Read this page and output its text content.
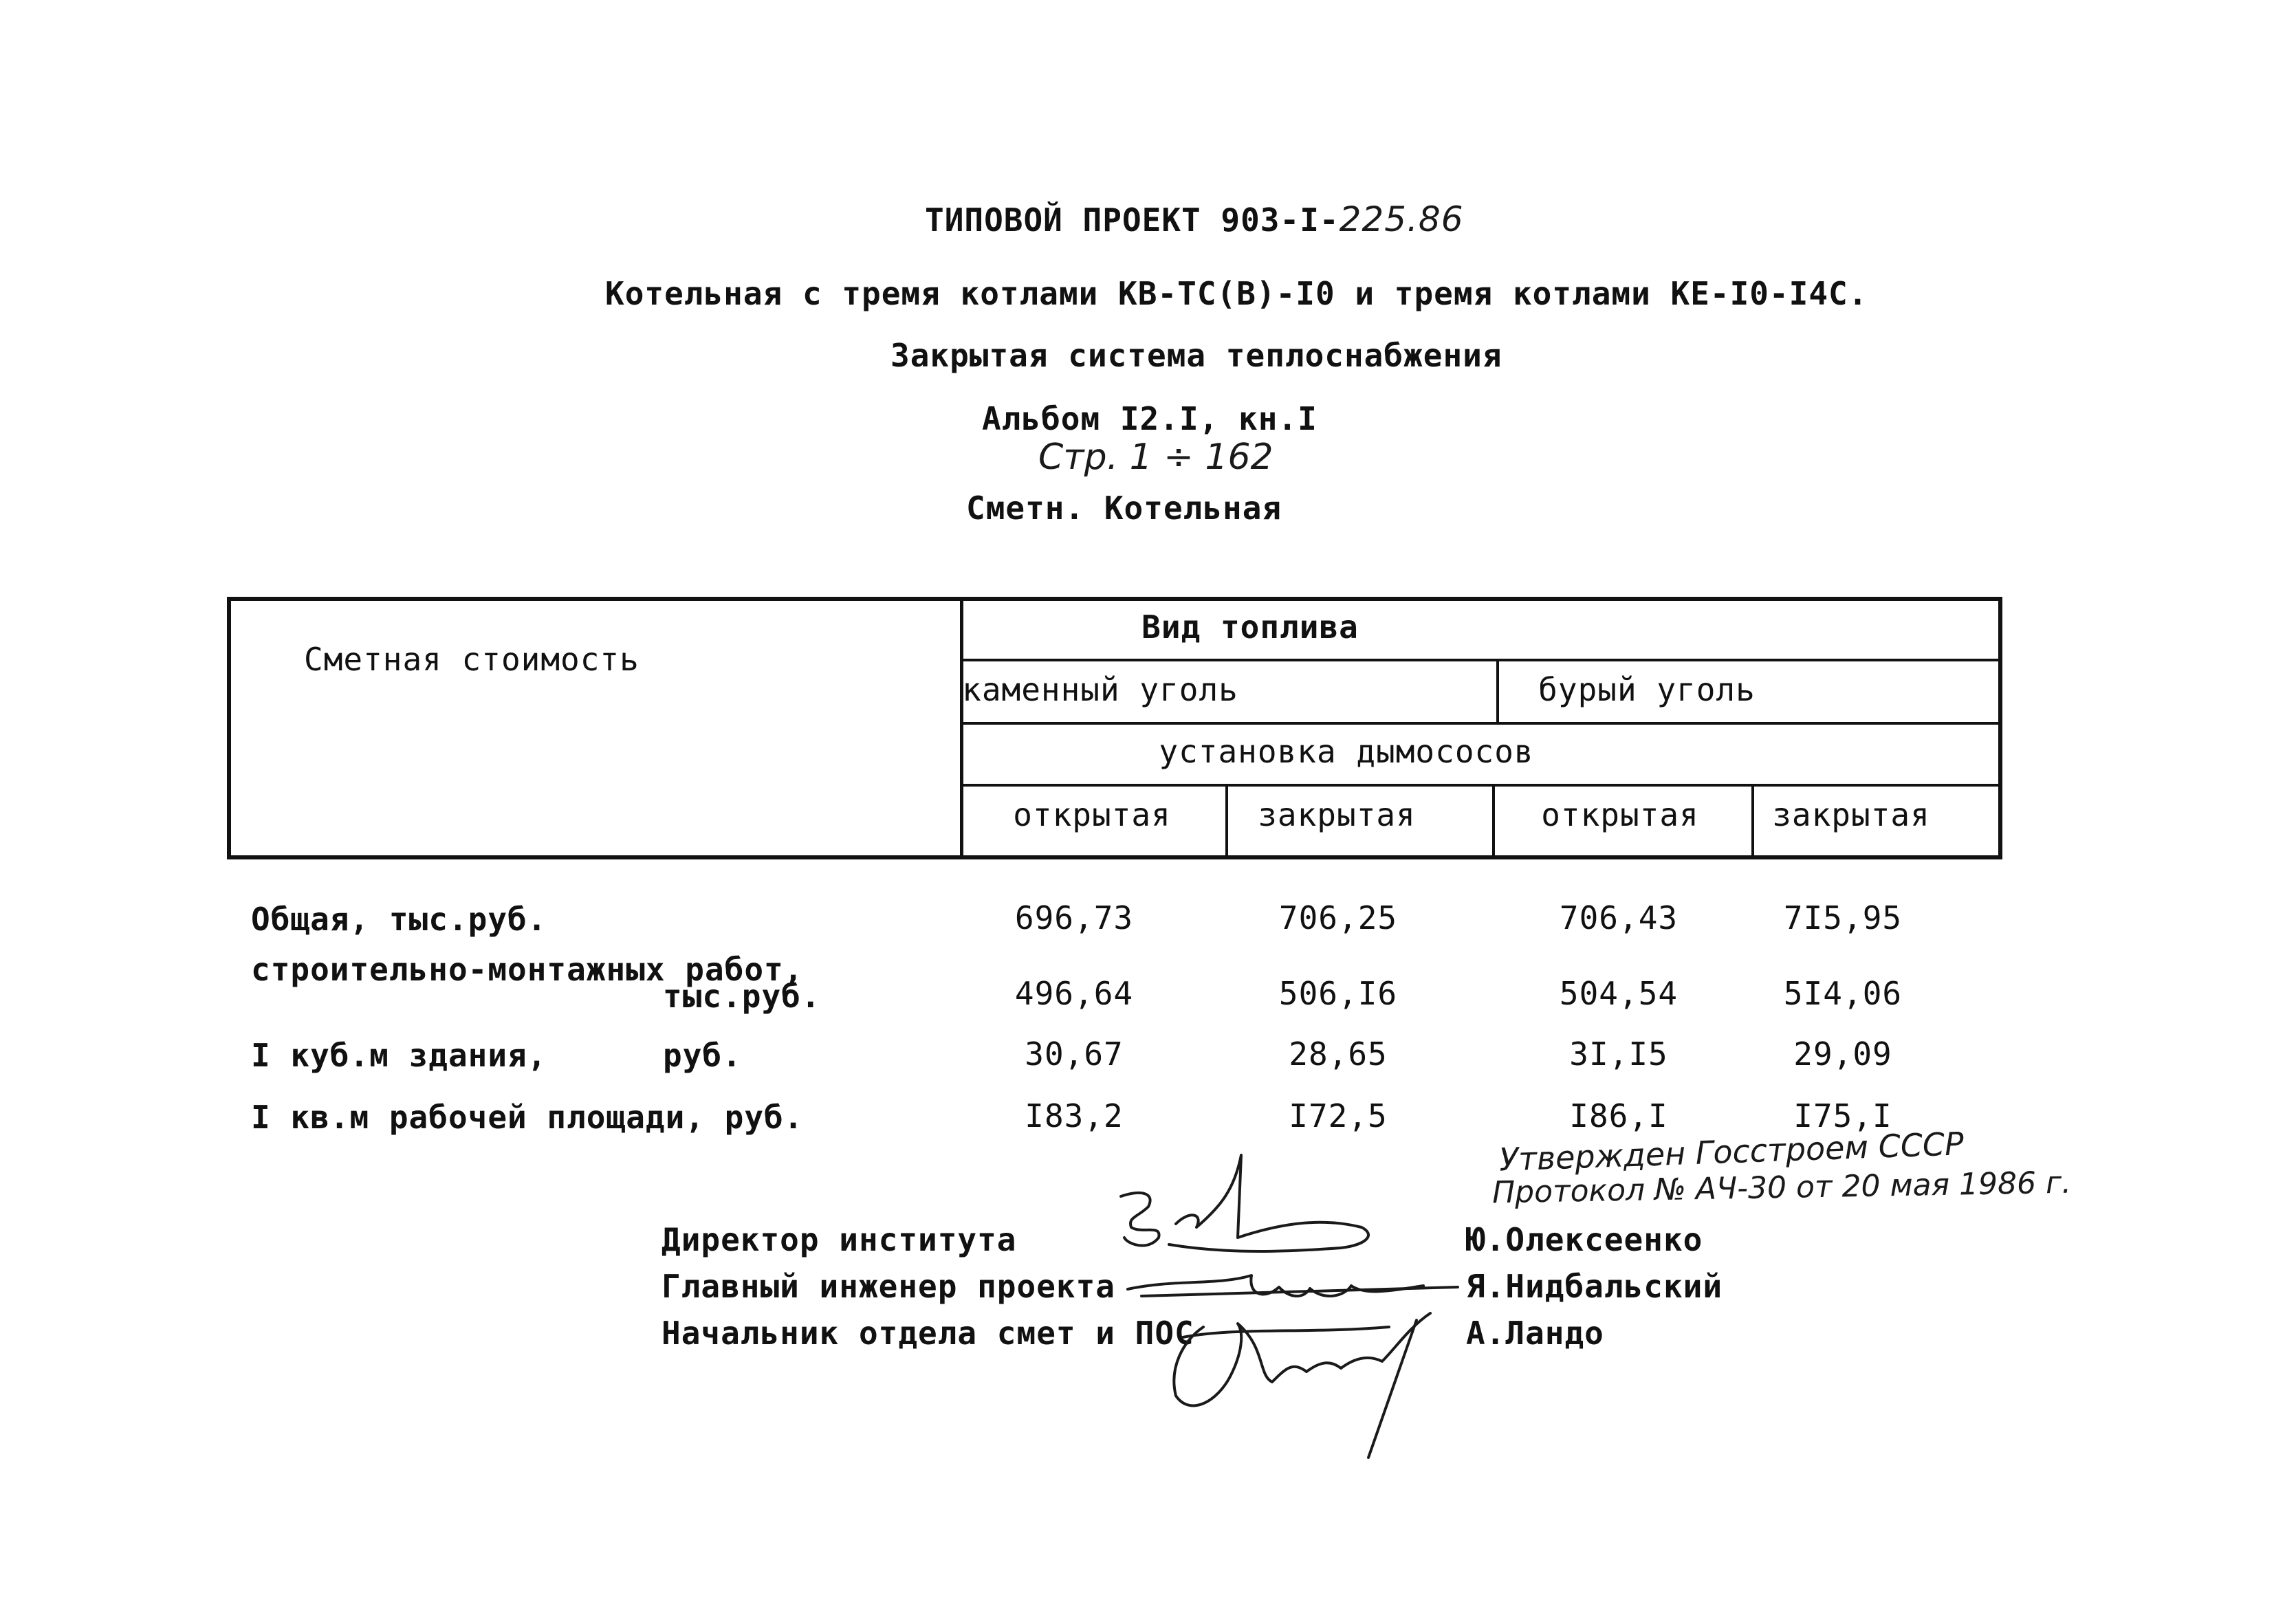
ТИПОВОЙ ПРОЕКТ 903-I-225.86
Котельная с тремя котлами КВ-ТС(В)-I0 и тремя котлами КЕ-I0-I4С.
Закрытая система теплоснабжения
Альбом I2.I, кн.I
Стр. 1 ÷ 162
Сметн. Котельная
Сметная стоимость
Вид топлива
каменный уголь	бурый уголь
установка дымососов
открытая	закрытая	открытая закрытая
Общая, тыс.руб.	696,73	706,25	706,43	7I5,95
строительно-монтажных работ,
тыс.руб.	496,64	506,I6	504,54	5I4,06
I куб.м здания,	руб.	30,67	28,65	3I,I5	29,09
I кв.м рабочей площади, руб.	I83,2	I72,5	I86,I	I75,I
Утвержден Госстроем СССР
Протокол № АЧ-30 от 20 мая 1986 г.
Директор института	Ю.Олексеенко
Главный инженер проекта	Я.Нидбальский
Начальник отдела смет и ПОС	А.Ландо
